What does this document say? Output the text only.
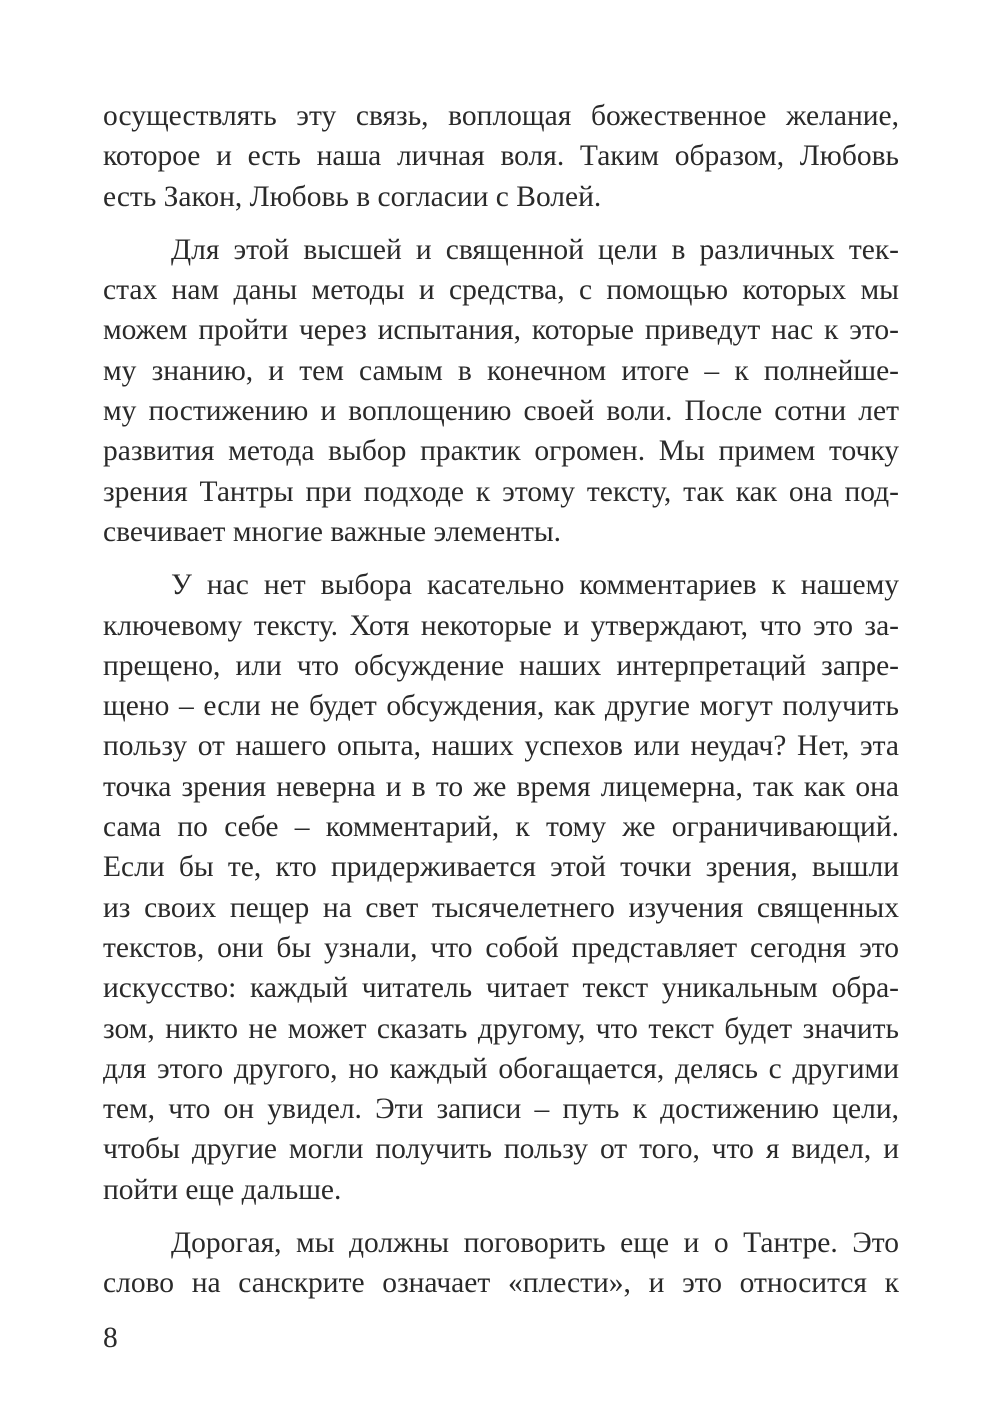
осуществлять эту связь, воплощая божественное желание,
которое и есть наша личная воля. Таким образом, Любовь
есть Закон, Любовь в согласии с Волей.

Для этой высшей и священной цели в различных тек-
стах нам даны методы и средства, с помощью которых мы
можем пройти через испытания, которые приведут нас к это-
му знанию, и тем самым в конечном итоге – к полнейше-
му постижению и воплощению своей воли. После сотни лет
развития метода выбор практик огромен. Мы примем точку
зрения Тантры при подходе к этому тексту, так как она под-
свечивает многие важные элементы.

У нас нет выбора касательно комментариев к нашему
ключевому тексту. Хотя некоторые и утверждают, что это за-
прещено, или что обсуждение наших интерпретаций запре-
щено – если не будет обсуждения, как другие могут получить
пользу от нашего опыта, наших успехов или неудач? Нет, эта
точка зрения неверна и в то же время лицемерна, так как она
сама по себе – комментарий, к тому же ограничивающий.
Если бы те, кто придерживается этой точки зрения, вышли
из своих пещер на свет тысячелетнего изучения священных
текстов, они бы узнали, что собой представляет сегодня это
искусство: каждый читатель читает текст уникальным обра-
зом, никто не может сказать другому, что текст будет значить
для этого другого, но каждый обогащается, делясь с другими
тем, что он увидел. Эти записи – путь к достижению цели,
чтобы другие могли получить пользу от того, что я видел, и
пойти еще дальше.

Дорогая, мы должны поговорить еще и о Тантре. Это
слово на санскрите означает «плести», и это относится к

8
